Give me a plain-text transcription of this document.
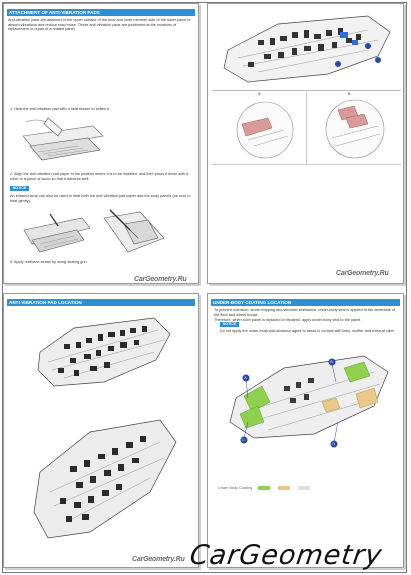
ATTACHMENT OF ANTI-VIBRATION PADS
Anti-vibration pads are attached to the upper surface of the floor and inner member side of the lower panel to absorb vibrations and reduce road noise. These anti-vibration pads are positioned at the locations of replacement or repair of a related panel.
1. Heat the anti-vibration pad with a heat blower to soften it.
2. Align the anti-vibration pad paper in the position where it is to be installed, and then press it down with a roller or a piece of wood so that it adheres well.
NOTICE
An infrared lamp can also be used to heat both the anti-vibration pad paper and the body panels (be sure to heat gently).
3. Apply urethane sealer by using sealing gun.
CarGeometry.Ru
A	B
CarGeometry.Ru
ANTI-VIBRATION PAD LOCATION
CarGeometry.Ru
UNDER-BODY COATING LOCATION
To prevent corrosion, stone chipping and vibration resistance, under-body seal is applied to the underside of the floor and wheel house.
Therefore, when such panel is replaced or repaired, apply under-body seal to the panel.
NOTICE
Do not apply the under-body anti-abrasion agent to areas in contact with links, muffler and exhaust pipe.
A
B
C
D
Under Body Coating
CarGeometry
